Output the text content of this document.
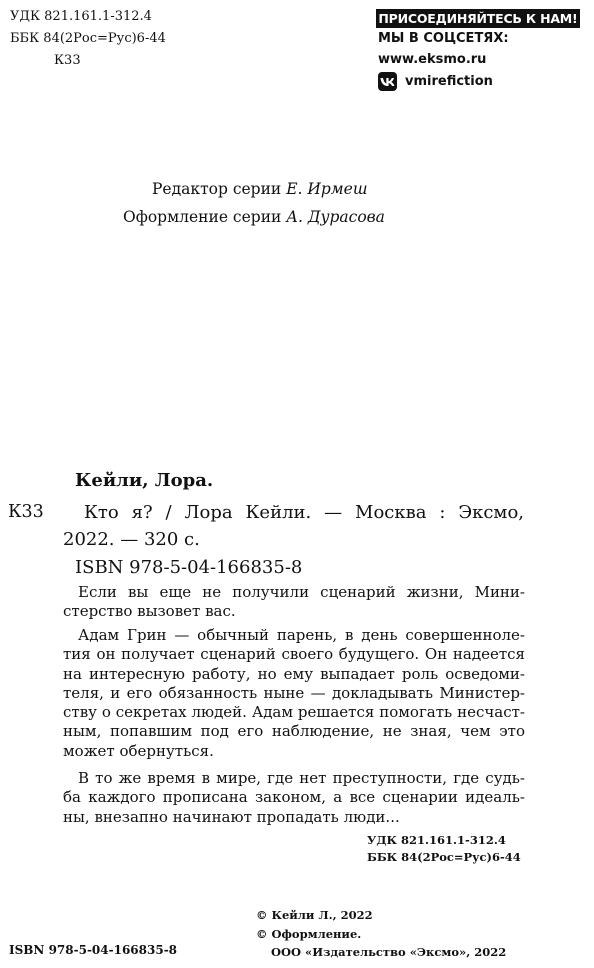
УДК 821.161.1-312.4
ББК 84(2Рос=Рус)6-44
К33
ПРИСОЕДИНЯЙТЕСЬ К НАМ!
МЫ В СОЦСЕТЯХ:
www.eksmo.ru
vmirefiction
Редактор серии Е. Ирмеш
Оформление серии А. Дурасова
Кейли, Лора.
К33 Кто я? / Лора Кейли. — Москва : Эксмо,
2022. — 320 с.
ISBN 978-5-04-166835-8
Если вы еще не получили сценарий жизни, Мини-
стерство вызовет вас.
Адам Грин — обычный парень, в день совершенноле-
тия он получает сценарий своего будущего. Он надеется
на интересную работу, но ему выпадает роль осведоми-
теля, и его обязанность ныне — докладывать Министер-
ству о секретах людей. Адам решается помогать несчаст-
ным, попавшим под его наблюдение, не зная, чем это
может обернуться.
В то же время в мире, где нет преступности, где судь-
ба каждого прописана законом, а все сценарии идеаль-
ны, внезапно начинают пропадать люди...
УДК 821.161.1-312.4
ББК 84(2Рос=Рус)6-44
© Кейли Л., 2022
© Оформление.
ООО «Издательство «Эксмо», 2022
ISBN 978-5-04-166835-8
